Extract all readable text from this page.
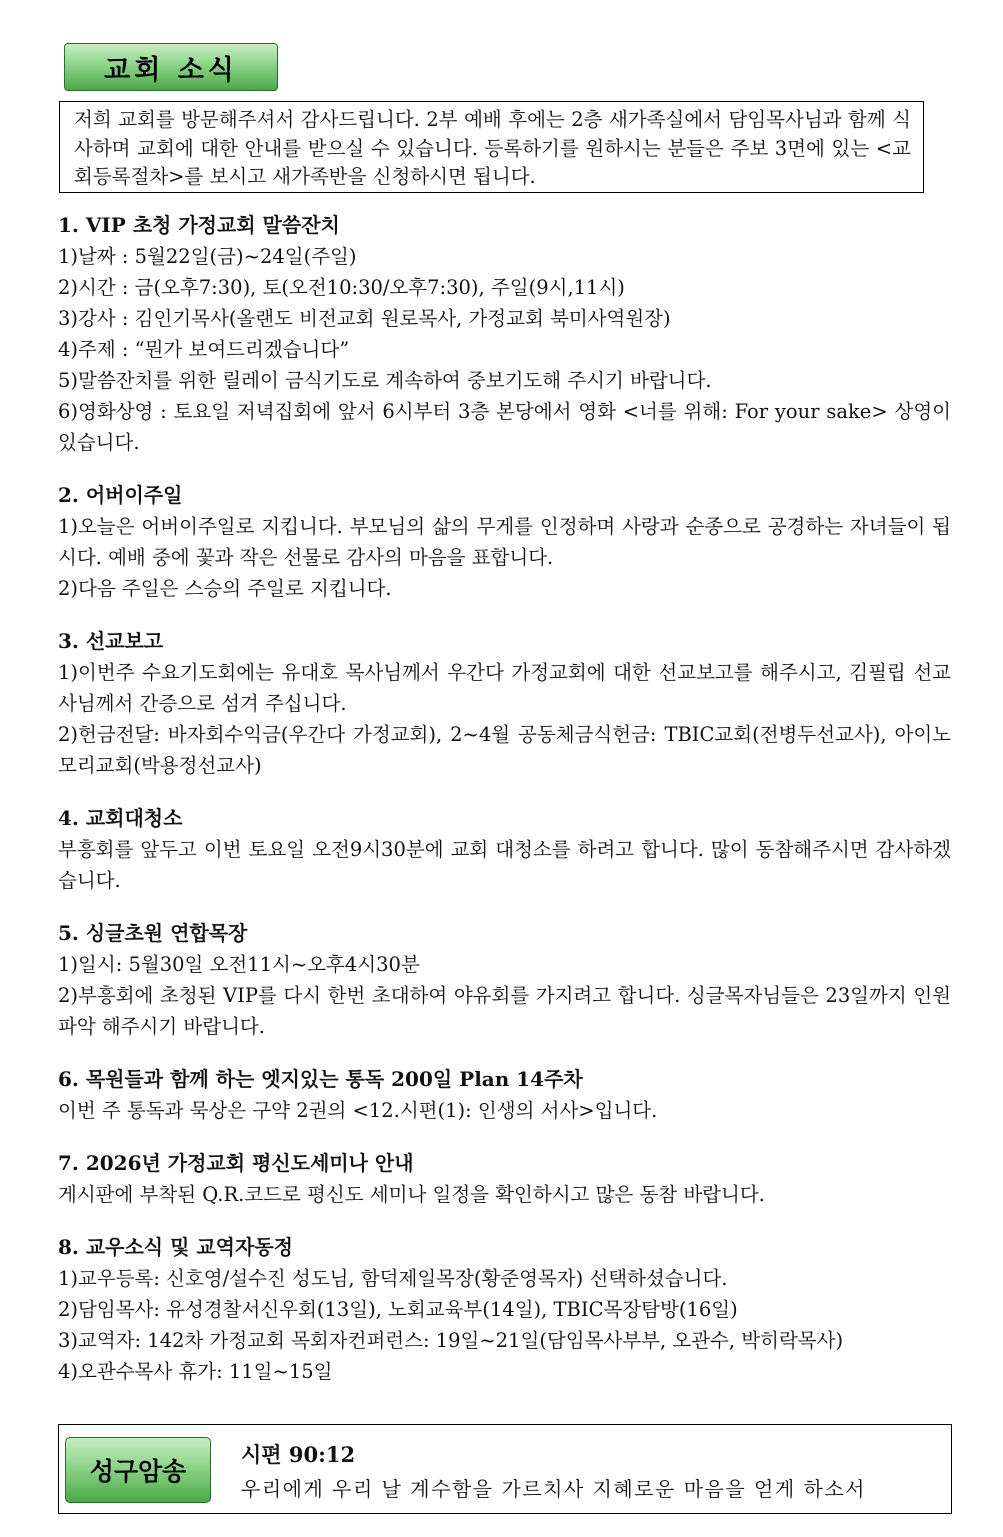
교회 소식
저희 교회를 방문해주셔서 감사드립니다. 2부 예배 후에는 2층 새가족실에서 담임목사님과 함께 식사하며 교회에 대한 안내를 받으실 수 있습니다. 등록하기를 원하시는 분들은 주보 3면에 있는 <교회등록절차>를 보시고 새가족반을 신청하시면 됩니다.

1. VIP 초청 가정교회 말씀잔치

1)날짜 : 5월22일(금)~24일(주일)

2)시간 : 금(오후7:30), 토(오전10:30/오후7:30), 주일(9시,11시)

3)강사 : 김인기목사(올랜도 비전교회 원로목사, 가정교회 북미사역원장)

4)주제 : “뭔가 보여드리겠습니다”

5)말씀잔치를 위한 릴레이 금식기도로 계속하여 중보기도해 주시기 바랍니다.

6)영화상영 : 토요일 저녁집회에 앞서 6시부터 3층 본당에서 영화 <너를 위해: For your sake> 상영이 있습니다.

2. 어버이주일

1)오늘은 어버이주일로 지킵니다. 부모님의 삶의 무게를 인정하며 사랑과 순종으로 공경하는 자녀들이 됩시다. 예배 중에 꽃과 작은 선물로 감사의 마음을 표합니다.

2)다음 주일은 스승의 주일로 지킵니다.

3. 선교보고

1)이번주 수요기도회에는 유대호 목사님께서 우간다 가정교회에 대한 선교보고를 해주시고, 김필립 선교사님께서 간증으로 섬겨 주십니다.

2)헌금전달: 바자회수익금(우간다 가정교회), 2~4월 공동체금식헌금: TBIC교회(전병두선교사), 아이노모리교회(박용정선교사)

4. 교회대청소

부흥회를 앞두고 이번 토요일 오전9시30분에 교회 대청소를 하려고 합니다. 많이 동참해주시면 감사하겠습니다.

5. 싱글초원 연합목장

1)일시: 5월30일 오전11시~오후4시30분

2)부흥회에 초청된 VIP를 다시 한번 초대하여 야유회를 가지려고 합니다. 싱글목자님들은 23일까지 인원파악 해주시기 바랍니다.

6. 목원들과 함께 하는 엣지있는 통독 200일 Plan 14주차

이번 주 통독과 묵상은 구약 2권의 <12.시편(1): 인생의 서사>입니다.

7. 2026년 가정교회 평신도세미나 안내

게시판에 부착된 Q.R.코드로 평신도 세미나 일정을 확인하시고 많은 동참 바랍니다.

8. 교우소식 및 교역자동정

1)교우등록: 신호영/설수진 성도님, 함덕제일목장(황준영목자) 선택하셨습니다.

2)담임목사: 유성경찰서신우회(13일), 노회교육부(14일), TBIC목장탐방(16일)

3)교역자: 142차 가정교회 목회자컨퍼런스: 19일~21일(담임목사부부, 오관수, 박히락목사)

4)오관수목사 휴가: 11일~15일

성구암송
시편 90:12
우리에게 우리 날 계수함을 가르치사 지혜로운 마음을 얻게 하소서
